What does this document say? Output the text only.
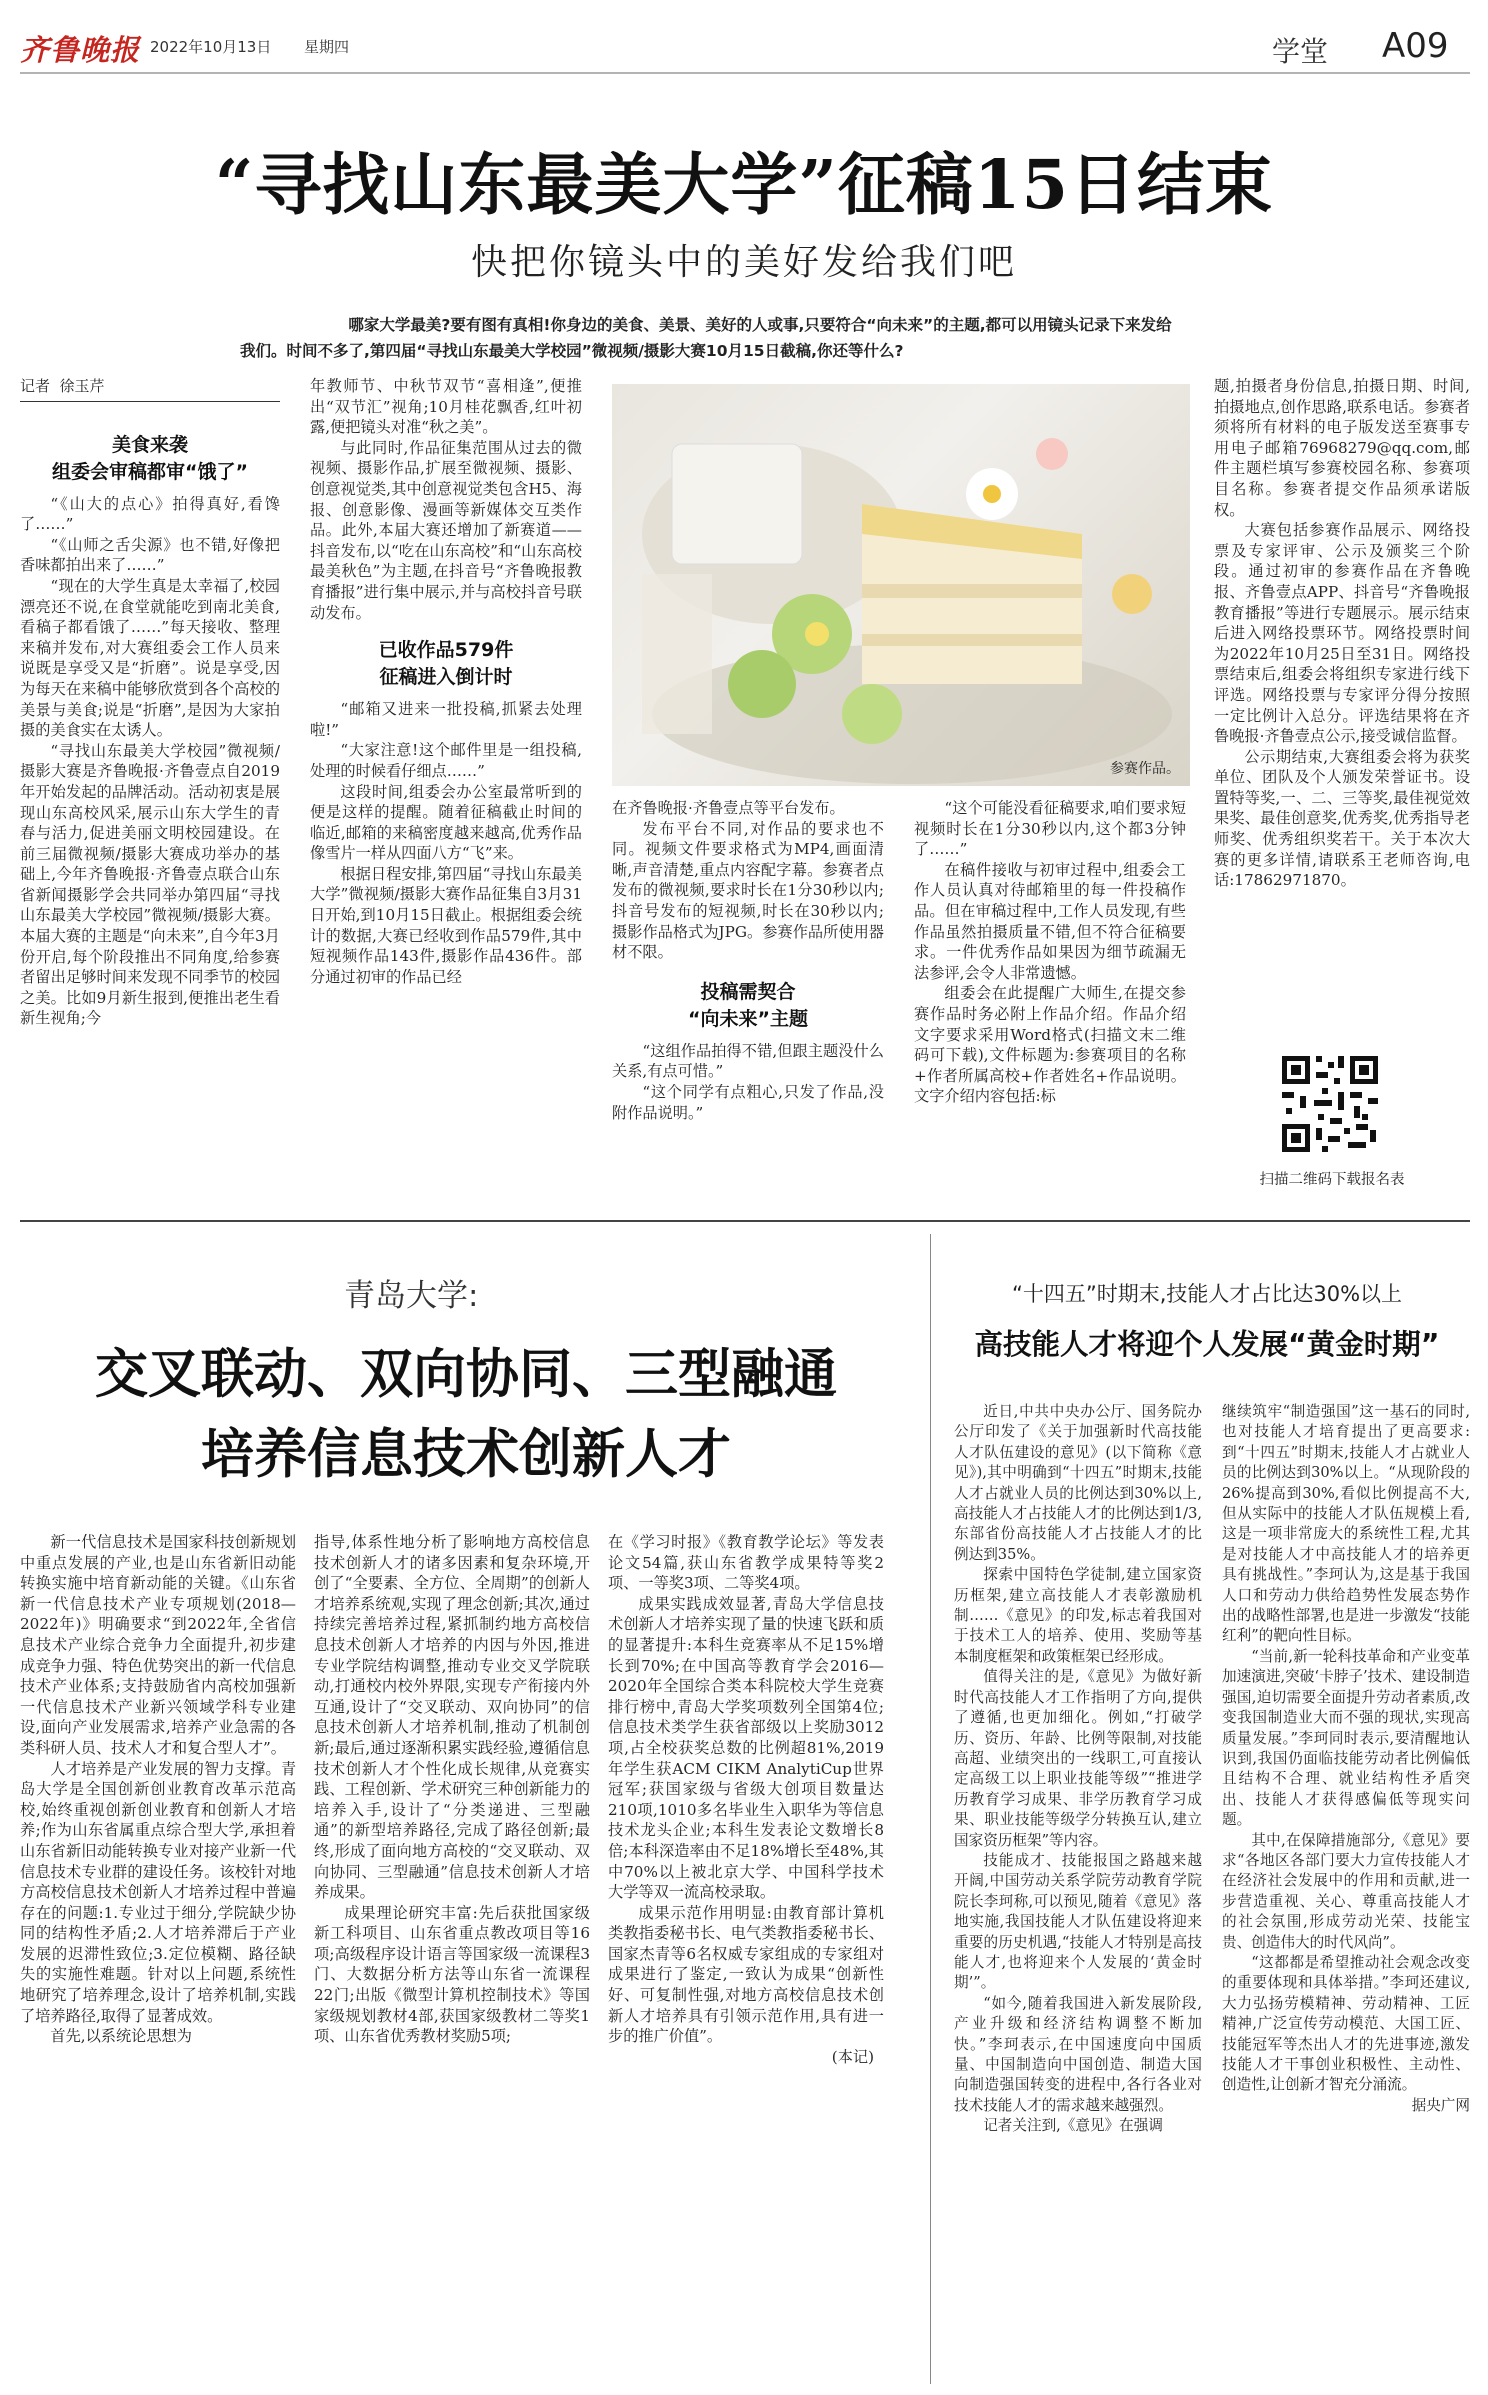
齐鲁晚报 2022年10月13日 星期四	学堂 A09
“寻找山东最美大学”征稿15日结束
快把你镜头中的美好发给我们吧
哪家大学最美?要有图有真相!你身边的美食、美景、美好的人或事,只要符合“向未来”的主题,都可以用镜头记录下来发给
我们。时间不多了,第四届“寻找山东最美大学校园”微视频/摄影大赛10月15日截稿,你还等什么?
记者  徐玉芹
美食来袭
组委会审稿都审“饿了”

“《山大的点心》拍得真好,看馋了……”

“《山师之舌尖源》也不错,好像把香味都拍出来了……”

“现在的大学生真是太幸福了,校园漂亮还不说,在食堂就能吃到南北美食,看稿子都看饿了……”每天接收、整理来稿并发布,对大赛组委会工作人员来说既是享受又是“折磨”。说是享受,因为每天在来稿中能够欣赏到各个高校的美景与美食;说是“折磨”,是因为大家拍摄的美食实在太诱人。

“寻找山东最美大学校园”微视频/摄影大赛是齐鲁晚报·齐鲁壹点自2019年开始发起的品牌活动。活动初衷是展现山东高校风采,展示山东大学生的青春与活力,促进美丽文明校园建设。在前三届微视频/摄影大赛成功举办的基础上,今年齐鲁晚报·齐鲁壹点联合山东省新闻摄影学会共同举办第四届“寻找山东最美大学校园”微视频/摄影大赛。本届大赛的主题是“向未来”,自今年3月份开启,每个阶段推出不同角度,给参赛者留出足够时间来发现不同季节的校园之美。比如9月新生报到,便推出老生看新生视角;今

年教师节、中秋节双节“喜相逢”,便推出“双节汇”视角;10月桂花飘香,红叶初露,便把镜头对准“秋之美”。

与此同时,作品征集范围从过去的微视频、摄影作品,扩展至微视频、摄影、创意视觉类,其中创意视觉类包含H5、海报、创意影像、漫画等新媒体交互类作品。此外,本届大赛还增加了新赛道——抖音发布,以“吃在山东高校”和“山东高校最美秋色”为主题,在抖音号“齐鲁晚报教育播报”进行集中展示,并与高校抖音号联动发布。

已收作品579件
征稿进入倒计时

“邮箱又进来一批投稿,抓紧去处理啦!”

“大家注意!这个邮件里是一组投稿,处理的时候看仔细点……”

这段时间,组委会办公室最常听到的便是这样的提醒。随着征稿截止时间的临近,邮箱的来稿密度越来越高,优秀作品像雪片一样从四面八方“飞”来。

根据日程安排,第四届“寻找山东最美大学”微视频/摄影大赛作品征集自3月31日开始,到10月15日截止。根据组委会统计的数据,大赛已经收到作品579件,其中短视频作品143件,摄影作品436件。部分通过初审的作品已经

参赛作品。

在齐鲁晚报·齐鲁壹点等平台发布。

发布平台不同,对作品的要求也不同。视频文件要求格式为MP4,画面清晰,声音清楚,重点内容配字幕。参赛者点发布的微视频,要求时长在1分30秒以内;抖音号发布的短视频,时长在30秒以内;摄影作品格式为JPG。参赛作品所使用器材不限。

投稿需契合
“向未来”主题

“这组作品拍得不错,但跟主题没什么关系,有点可惜。”

“这个同学有点粗心,只发了作品,没附作品说明。”

“这个可能没看征稿要求,咱们要求短视频时长在1分30秒以内,这个都3分钟了……”

在稿件接收与初审过程中,组委会工作人员认真对待邮箱里的每一件投稿作品。但在审稿过程中,工作人员发现,有些作品虽然拍摄质量不错,但不符合征稿要求。一件优秀作品如果因为细节疏漏无法参评,会令人非常遗憾。

组委会在此提醒广大师生,在提交参赛作品时务必附上作品介绍。作品介绍文字要求采用Word格式(扫描文末二维码可下载),文件标题为:参赛项目的名称+作者所属高校+作者姓名+作品说明。文字介绍内容包括:标

题,拍摄者身份信息,拍摄日期、时间,拍摄地点,创作思路,联系电话。参赛者须将所有材料的电子版发送至赛事专用电子邮箱76968279@qq.com,邮件主题栏填写参赛校园名称、参赛项目名称。参赛者提交作品须承诺版权。

大赛包括参赛作品展示、网络投票及专家评审、公示及颁奖三个阶段。通过初审的参赛作品在齐鲁晚报、齐鲁壹点APP、抖音号“齐鲁晚报教育播报”等进行专题展示。展示结束后进入网络投票环节。网络投票时间为2022年10月25日至31日。网络投票结束后,组委会将组织专家进行线下评选。网络投票与专家评分得分按照一定比例计入总分。评选结果将在齐鲁晚报·齐鲁壹点公示,接受诚信监督。

公示期结束,大赛组委会将为获奖单位、团队及个人颁发荣誉证书。设置特等奖,一、二、三等奖,最佳视觉效果奖、最佳创意奖,优秀奖,优秀指导老师奖、优秀组织奖若干。关于本次大赛的更多详情,请联系王老师咨询,电话:17862971870。

扫描二维码下载报名表
青岛大学:
交叉联动、双向协同、三型融通
培养信息技术创新人才

新一代信息技术是国家科技创新规划中重点发展的产业,也是山东省新旧动能转换实施中培育新动能的关键。《山东省新一代信息技术产业专项规划(2018—2022年)》明确要求“到2022年,全省信息技术产业综合竞争力全面提升,初步建成竞争力强、特色优势突出的新一代信息技术产业体系;支持鼓励省内高校加强新一代信息技术产业新兴领域学科专业建设,面向产业发展需求,培养产业急需的各类科研人员、技术人才和复合型人才”。

人才培养是产业发展的智力支撑。青岛大学是全国创新创业教育改革示范高校,始终重视创新创业教育和创新人才培养;作为山东省属重点综合型大学,承担着山东省新旧动能转换专业对接产业新一代信息技术专业群的建设任务。该校针对地方高校信息技术创新人才培养过程中普遍存在的问题:1.专业过于细分,学院缺少协同的结构性矛盾;2.人才培养滞后于产业发展的迟滞性致位;3.定位模糊、路径缺失的实施性难题。针对以上问题,系统性地研究了培养理念,设计了培养机制,实践了培养路径,取得了显著成效。

首先,以系统论思想为

指导,体系性地分析了影响地方高校信息技术创新人才的诸多因素和复杂环境,开创了“全要素、全方位、全周期”的创新人才培养系统观,实现了理念创新;其次,通过持续完善培养过程,紧抓制约地方高校信息技术创新人才培养的内因与外因,推进专业学院结构调整,推动专业交叉学院联动,打通校内校外界限,实现专产衔接内外互通,设计了“交叉联动、双向协同”的信息技术创新人才培养机制,推动了机制创新;最后,通过逐渐积累实践经验,遵循信息技术创新人才个性化成长规律,从竞赛实践、工程创新、学术研究三种创新能力的培养入手,设计了“分类递进、三型融通”的新型培养路径,完成了路径创新;最终,形成了面向地方高校的“交叉联动、双向协同、三型融通”信息技术创新人才培养成果。

成果理论研究丰富:先后获批国家级新工科项目、山东省重点教改项目等16项;高级程序设计语言等国家级一流课程3门、大数据分析方法等山东省一流课程22门;出版《微型计算机控制技术》等国家级规划教材4部,获国家级教材二等奖1项、山东省优秀教材奖励5项;

在《学习时报》《教育教学论坛》等发表论文54篇,获山东省教学成果特等奖2项、一等奖3项、二等奖4项。

成果实践成效显著,青岛大学信息技术创新人才培养实现了量的快速飞跃和质的显著提升:本科生竞赛率从不足15%增长到70%;在中国高等教育学会2016—2020年全国综合类本科院校大学生竞赛排行榜中,青岛大学奖项数列全国第4位;信息技术类学生获省部级以上奖励3012项,占全校获奖总数的比例超81%,2019年学生获ACM CIKM AnalytiCup世界冠军;获国家级与省级大创项目数量达210项,1010多名毕业生入职华为等信息技术龙头企业;本科生发表论文数增长8倍;本科深造率由不足18%增长至48%,其中70%以上被北京大学、中国科学技术大学等双一流高校录取。

成果示范作用明显:由教育部计算机类教指委秘书长、电气类教指委秘书长、国家杰青等6名权威专家组成的专家组对成果进行了鉴定,一致认为成果“创新性好、可复制性强,对地方高校信息技术创新人才培养具有引领示范作用,具有进一步的推广价值”。

(本记)
“十四五”时期末,技能人才占比达30%以上
高技能人才将迎个人发展“黄金时期”

近日,中共中央办公厅、国务院办公厅印发了《关于加强新时代高技能人才队伍建设的意见》(以下简称《意见》),其中明确到“十四五”时期末,技能人才占就业人员的比例达到30%以上,高技能人才占技能人才的比例达到1/3,东部省份高技能人才占技能人才的比例达到35%。

探索中国特色学徒制,建立国家资历框架,建立高技能人才表彰激励机制……《意见》的印发,标志着我国对于技术工人的培养、使用、奖励等基本制度框架和政策框架已经形成。

值得关注的是,《意见》为做好新时代高技能人才工作指明了方向,提供了遵循,也更加细化。例如,“打破学历、资历、年龄、比例等限制,对技能高超、业绩突出的一线职工,可直接认定高级工以上职业技能等级”“推进学历教育学习成果、非学历教育学习成果、职业技能等级学分转换互认,建立国家资历框架”等内容。

技能成才、技能报国之路越来越开阔,中国劳动关系学院劳动教育学院院长李珂称,可以预见,随着《意见》落地实施,我国技能人才队伍建设将迎来重要的历史机遇,“技能人才特别是高技能人才,也将迎来个人发展的‘黄金时期’”。

“如今,随着我国进入新发展阶段,产业升级和经济结构调整不断加快。”李珂表示,在中国速度向中国质量、中国制造向中国创造、制造大国向制造强国转变的进程中,各行各业对技术技能人才的需求越来越强烈。

记者关注到,《意见》在强调

继续筑牢“制造强国”这一基石的同时,也对技能人才培育提出了更高要求:到“十四五”时期末,技能人才占就业人员的比例达到30%以上。“从现阶段的26%提高到30%,看似比例提高不大,但从实际中的技能人才队伍规模上看,这是一项非常庞大的系统性工程,尤其是对技能人才中高技能人才的培养更具有挑战性。”李珂认为,这是基于我国人口和劳动力供给趋势性发展态势作出的战略性部署,也是进一步激发“技能红利”的靶向性目标。

“当前,新一轮科技革命和产业变革加速演进,突破‘卡脖子’技术、建设制造强国,迫切需要全面提升劳动者素质,改变我国制造业大而不强的现状,实现高质量发展。”李珂同时表示,要清醒地认识到,我国仍面临技能劳动者比例偏低且结构不合理、就业结构性矛盾突出、技能人才获得感偏低等现实问题。

其中,在保障措施部分,《意见》要求“各地区各部门要大力宣传技能人才在经济社会发展中的作用和贡献,进一步营造重视、关心、尊重高技能人才的社会氛围,形成劳动光荣、技能宝贵、创造伟大的时代风尚”。

“这都都是希望推动社会观念改变的重要体现和具体举措。”李珂还建议,大力弘扬劳模精神、劳动精神、工匠精神,广泛宣传劳动模范、大国工匠、技能冠军等杰出人才的先进事迹,激发技能人才干事创业积极性、主动性、创造性,让创新才智充分涌流。

据央广网
